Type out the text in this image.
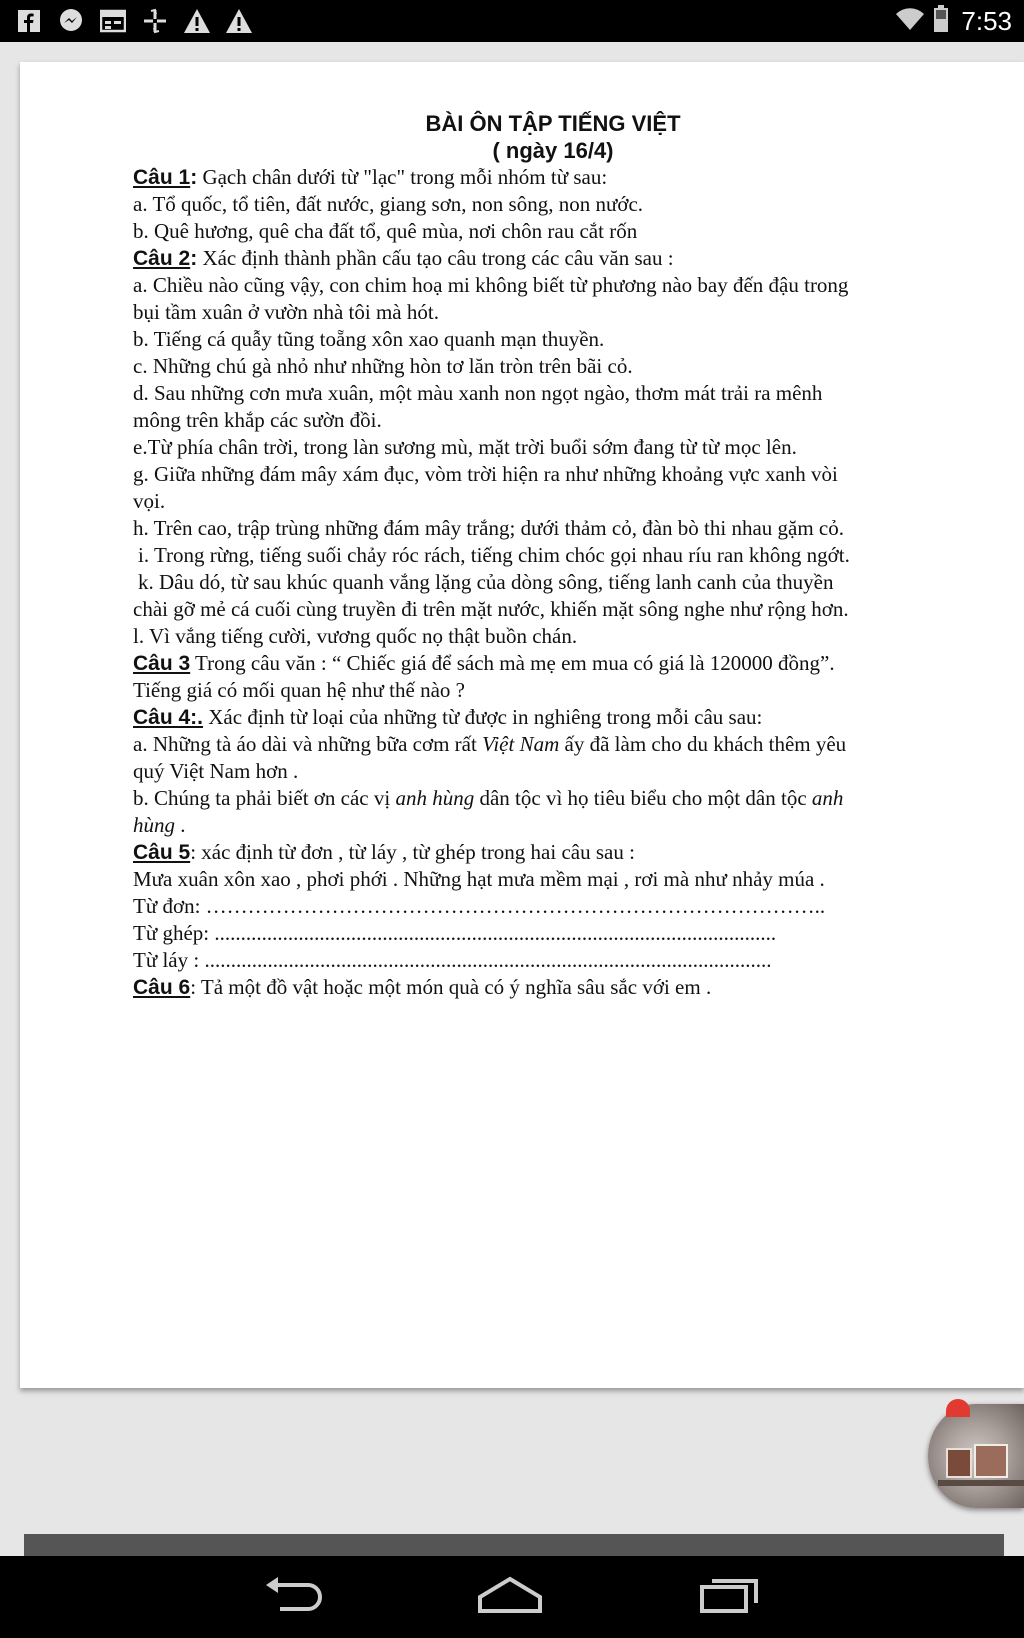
7:53

BÀI ÔN TẬP TIẾNG VIỆT

( ngày 16/4)

Câu 1: Gạch chân dưới từ "lạc" trong mỗi nhóm từ sau:

a. Tổ quốc, tổ tiên, đất nước, giang sơn, non sông, non nước.

b. Quê hương, quê cha đất tổ, quê mùa, nơi chôn rau cắt rốn

Câu 2: Xác định thành phần cấu tạo câu trong các câu văn sau :

a. Chiều nào cũng vậy, con chim hoạ mi không biết từ phương nào bay đến đậu trong

bụi tầm xuân ở vườn nhà tôi mà hót.

b. Tiếng cá quẫy tũng toẵng xôn xao quanh mạn thuyền.

c. Những chú gà nhỏ như những hòn tơ lăn tròn trên bãi cỏ.

d. Sau những cơn mưa xuân, một màu xanh non ngọt ngào, thơm mát trải ra mênh

mông trên khắp các sườn đồi.

e.Từ phía chân trời, trong làn sương mù, mặt trời buổi sớm đang từ từ mọc lên.

g. Giữa những đám mây xám đục, vòm trời hiện ra như những khoảng vực xanh vòi

vọi.

h. Trên cao, trập trùng những đám mây trắng; dưới thảm cỏ, đàn bò thi nhau gặm cỏ.

i. Trong rừng, tiếng suối chảy róc rách, tiếng chim chóc gọi nhau ríu ran không ngớt.

k. Dâu dó, từ sau khúc quanh vắng lặng của dòng sông, tiếng lanh canh của thuyền

chài gỡ mẻ cá cuối cùng truyền đi trên mặt nước, khiến mặt sông nghe như rộng hơn.

l. Vì vắng tiếng cười, vương quốc nọ thật buồn chán.

Câu 3 Trong câu văn : “ Chiếc giá để sách mà mẹ em mua có giá là 120000 đồng”.

Tiếng giá có mối quan hệ như thế nào ?

Câu 4:. Xác định từ loại của những từ được in nghiêng trong mỗi câu sau:

a. Những tà áo dài và những bữa cơm rất Việt Nam ấy đã làm cho du khách thêm yêu

quý Việt Nam hơn .

b. Chúng ta phải biết ơn các vị anh hùng dân tộc vì họ tiêu biểu cho một dân tộc anh

hùng .

Câu 5: xác định từ đơn , từ láy , từ ghép trong hai câu sau :

Mưa xuân xôn xao , phơi phới . Những hạt mưa mềm mại , rơi mà như nhảy múa .

Từ đơn: ……………………………………………………………………………..

Từ ghép: ...........................................................................................................

Từ láy : ............................................................................................................

Câu 6: Tả một đồ vật hoặc một món quà có ý nghĩa sâu sắc với em .
